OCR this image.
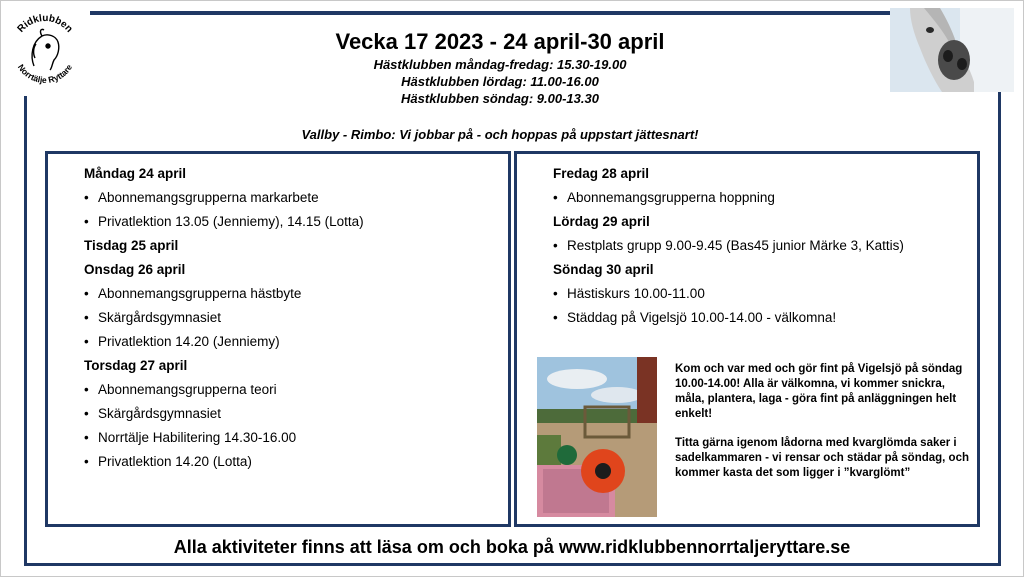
Ridklubben
Norrtälje Ryttare
Vecka 17 2023 - 24 april-30 april
Hästklubben måndag-fredag: 15.30-19.00
Hästklubben lördag: 11.00-16.00
Hästklubben söndag: 9.00-13.30
Vallby - Rimbo: Vi jobbar på - och hoppas på uppstart jättesnart!
Måndag 24 april
• Abonnemangsgrupperna markarbete
• Privatlektion 13.05 (Jenniemy), 14.15 (Lotta)
Tisdag 25 april
Onsdag 26 april
• Abonnemangsgrupperna hästbyte
• Skärgårdsgymnasiet
• Privatlektion 14.20 (Jenniemy)
Torsdag 27 april
• Abonnemangsgrupperna teori
• Skärgårdsgymnasiet
• Norrtälje Habilitering 14.30-16.00
• Privatlektion 14.20 (Lotta)
Fredag 28 april
• Abonnemangsgrupperna hoppning
Lördag 29 april
• Restplats grupp 9.00-9.45 (Bas45 junior Märke 3, Kattis)
Söndag 30 april
• Hästiskurs 10.00-11.00
• Städdag på Vigelsjö 10.00-14.00 - välkomna!

Kom och var med och gör fint på Vigelsjö på söndag 10.00-14.00! Alla är välkomna, vi kommer snickra, måla, plantera, laga - göra fint på anläggningen helt enkelt!

Titta gärna igenom lådorna med kvarglömda saker i sadelkammaren - vi rensar och städar på söndag, och kommer kasta det som ligger i ”kvarglömt”

Alla aktiviteter finns att läsa om och boka på www.ridklubbennorrtaljeryttare.se
